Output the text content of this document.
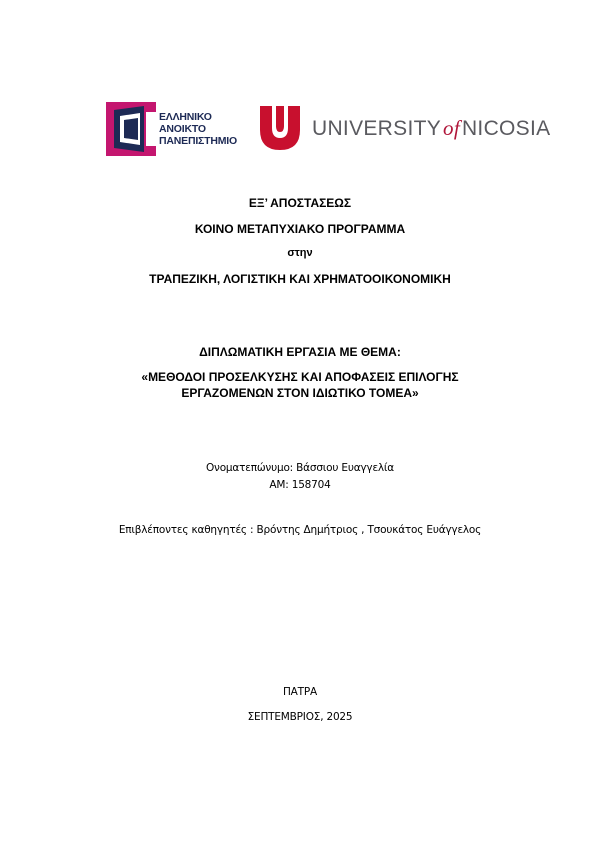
ΕΛΛΗΝΙΚΟ
ΑΝΟΙΚΤΟ
ΠΑΝΕΠΙΣΤΗΜΙΟ
UNIVERSITYofNICOSIA
ΕΞ’ ΑΠΟΣΤΑΣΕΩΣ
ΚΟΙΝΟ ΜΕΤΑΠΥΧΙΑΚΟ ΠΡΟΓΡΑΜΜΑ
στην
ΤΡΑΠΕΖΙΚΗ, ΛΟΓΙΣΤΙΚΗ ΚΑΙ ΧΡΗΜΑΤΟΟΙΚΟΝΟΜΙΚΗ
ΔΙΠΛΩΜΑΤΙΚΗ ΕΡΓΑΣΙΑ ΜΕ ΘΕΜΑ:
«ΜΕΘΟΔΟΙ ΠΡΟΣΕΛΚΥΣΗΣ ΚΑΙ ΑΠΟΦΑΣΕΙΣ ΕΠΙΛΟΓΗΣ
ΕΡΓΑΖΟΜΕΝΩΝ ΣΤΟΝ ΙΔΙΩΤΙΚΟ ΤΟΜΕΑ»
Ονοματεπώνυμο: Βάσσιου Ευαγγελία
ΑΜ: 158704
Επιβλέποντες καθηγητές : Βρόντης Δημήτριος , Τσουκάτος Ευάγγελος
ΠΑΤΡΑ
ΣΕΠΤΕΜΒΡΙΟΣ, 2025
